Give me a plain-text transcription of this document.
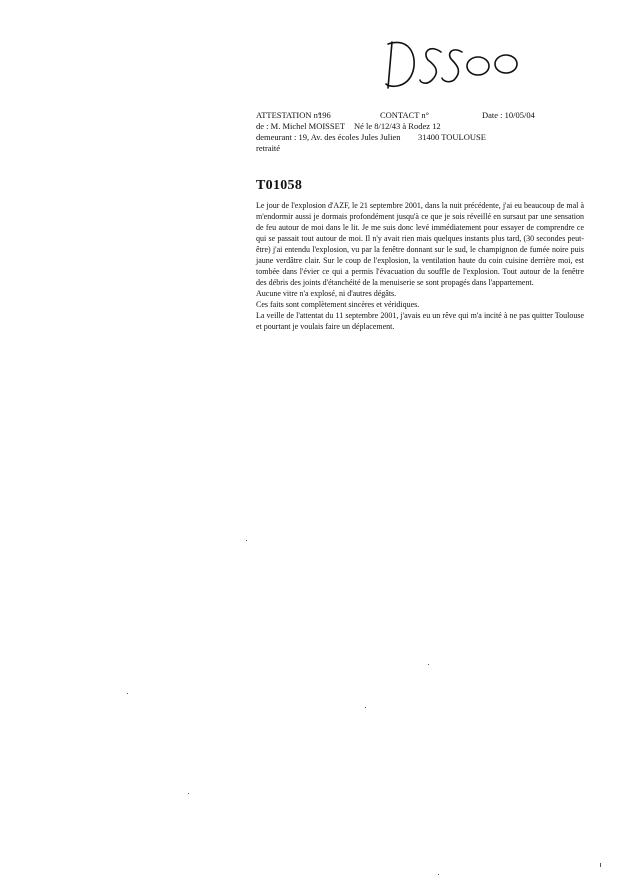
ATTESTATION n°
196	CONTACT n°	Date : 10/05/04
de : M. Michel MOISSET Né le 8/12/43 à Rodez 12
demeurant : 19, Av. des écoles Jules Julien 31400 TOULOUSE
retraité
T01058

Le jour de l'explosion d'AZF, le 21 septembre 2001, dans la nuit précédente, j'ai eu beaucoup de mal à m'endormir aussi je dormais profondément jusqu'à ce que je sois réveillé en sursaut par une sensation de feu autour de moi dans le lit. Je me suis donc levé immédiatement pour essayer de comprendre ce qui se passait tout autour de moi. Il n'y avait rien mais quelques instants plus tard, (30 secondes peut-être) j'ai entendu l'explosion, vu par la fenêtre donnant sur le sud, le champignon de fumée noire puis jaune verdâtre clair. Sur le coup de l'explosion, la ventilation haute du coin cuisine derrière moi, est tombée dans l'évier ce qui a permis l'évacuation du souffle de l'explosion. Tout autour de la fenêtre des débris des joints d'étanchéité de la menuiserie se sont propagés dans l'appartement.

Aucune vitre n'a explosé, ni d'autres dégâts.

Ces faits sont complètement sincères et véridiques.

La veille de l'attentat du 11 septembre 2001, j'avais eu un rêve qui m'a incité à ne pas quitter Toulouse et pourtant je voulais faire un déplacement.
